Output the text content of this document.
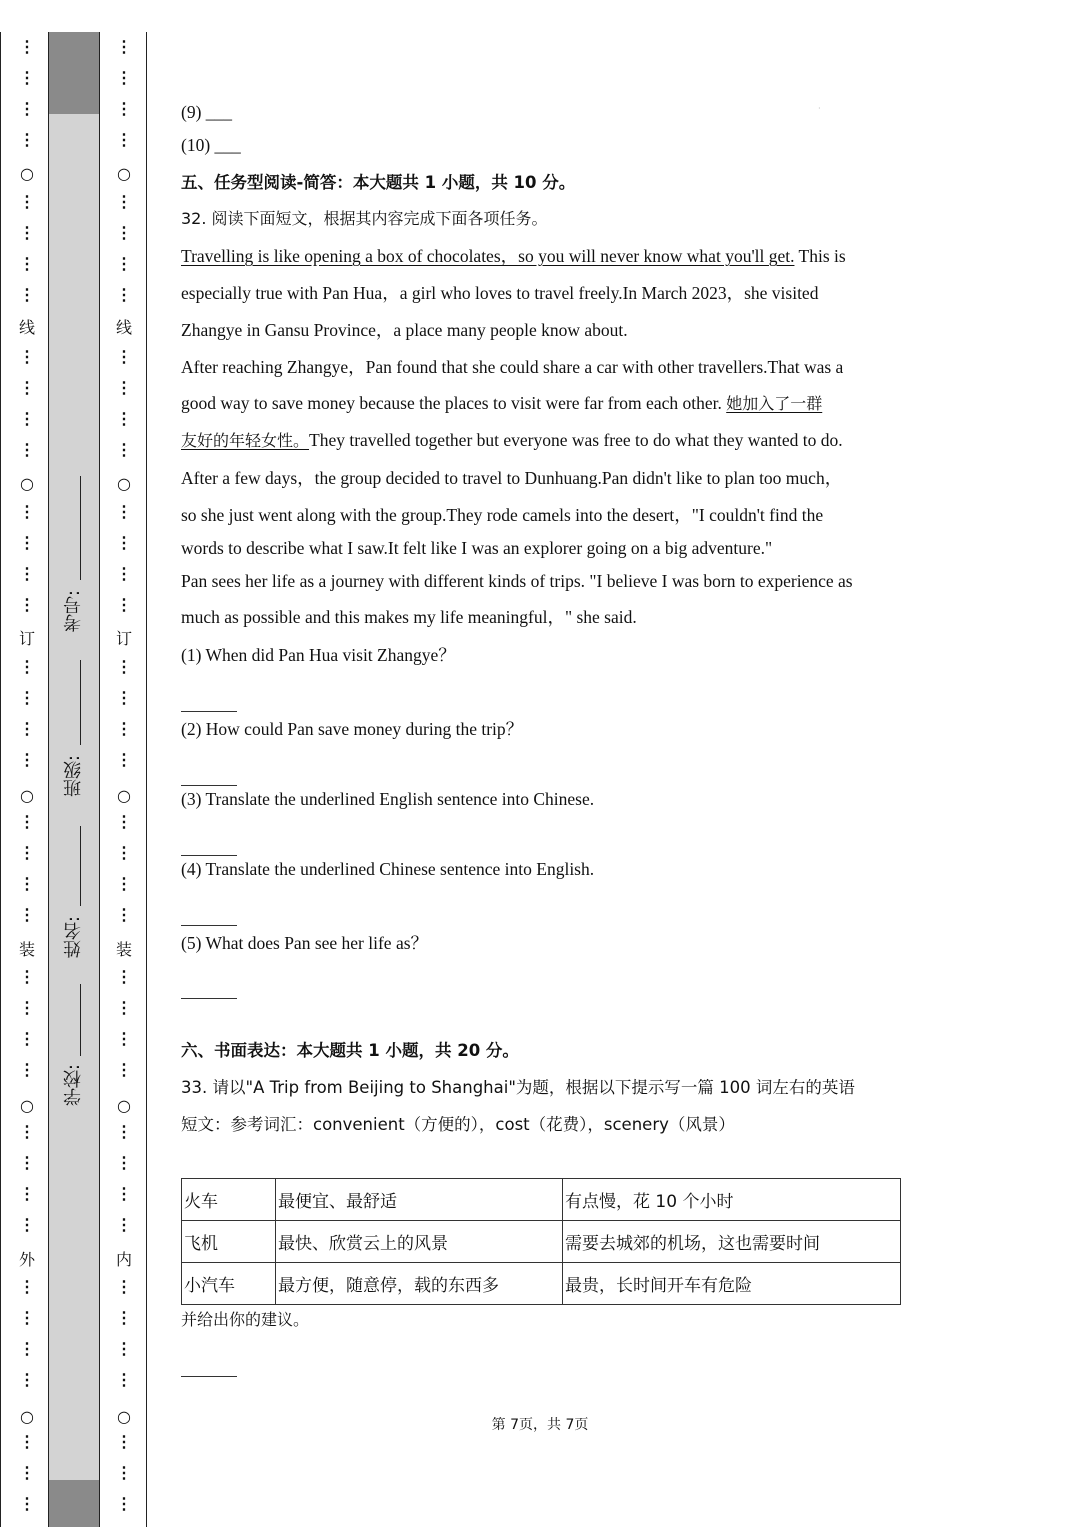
○
线
○
订
○
装
○
外
○
⋮
⋮
⋮
⋮
⋮
⋮
⋮
⋮
⋮
⋮
⋮
⋮
⋮
⋮
⋮
⋮
⋮
⋮
⋮
⋮
⋮
⋮
⋮
⋮
⋮
⋮
⋮
⋮
⋮
⋮
⋮
⋮
⋮
⋮
⋮
⋮
⋮
⋮
⋮
○
线
○
订
○
装
○
内
○
⋮
⋮
⋮
⋮
⋮
⋮
⋮
⋮
⋮
⋮
⋮
⋮
⋮
⋮
⋮
⋮
⋮
⋮
⋮
⋮
⋮
⋮
⋮
⋮
⋮
⋮
⋮
⋮
⋮
⋮
⋮
⋮
⋮
⋮
⋮
⋮
⋮
⋮
⋮
考号:
班级:
姓名:
学校:
·
(9) ___
(10) ___
五、任务型阅读-简答：本大题共 1 小题，共 10 分。
32. 阅读下面短文，根据其内容完成下面各项任务。
Travelling is like opening a box of chocolates，so you will never know what you'll get. This is
especially true with Pan Hua，a girl who loves to travel freely.In March 2023，she visited
Zhangye in Gansu Province，a place many people know about.
After reaching Zhangye，Pan found that she could share a car with other travellers.That was a
good way to save money because the places to visit were far from each other. 她加入了一群
友好的年轻女性。They travelled together but everyone was free to do what they wanted to do.
After a few days，the group decided to travel to Dunhuang.Pan didn't like to plan too much，
so she just went along with the group.They rode camels into the desert，"I couldn't find the
words to describe what I saw.It felt like I was an explorer going on a big adventure."
Pan sees her life as a journey with different kinds of trips. "I believe I was born to experience as
much as possible and this makes my life meaningful，" she said.
(1) When did Pan Hua visit Zhangye？
(2) How could Pan save money during the trip？
(3) Translate the underlined English sentence into Chinese.
(4) Translate the underlined Chinese sentence into English.
(5) What does Pan see her life as？
六、书面表达：本大题共 1 小题，共 20 分。
33. 请以"A Trip from Beijing to Shanghai"为题，根据以下提示写一篇 100 词左右的英语
短文：参考词汇：convenient（方便的），cost（花费），scenery（风景）
并给出你的建议。
火车	最便宜、最舒适	有点慢，花 10 个小时
飞机	最快、欣赏云上的风景	需要去城郊的机场，这也需要时间
小汽车	最方便，随意停，载的东西多	最贵，长时间开车有危险
第 7页，共 7页
